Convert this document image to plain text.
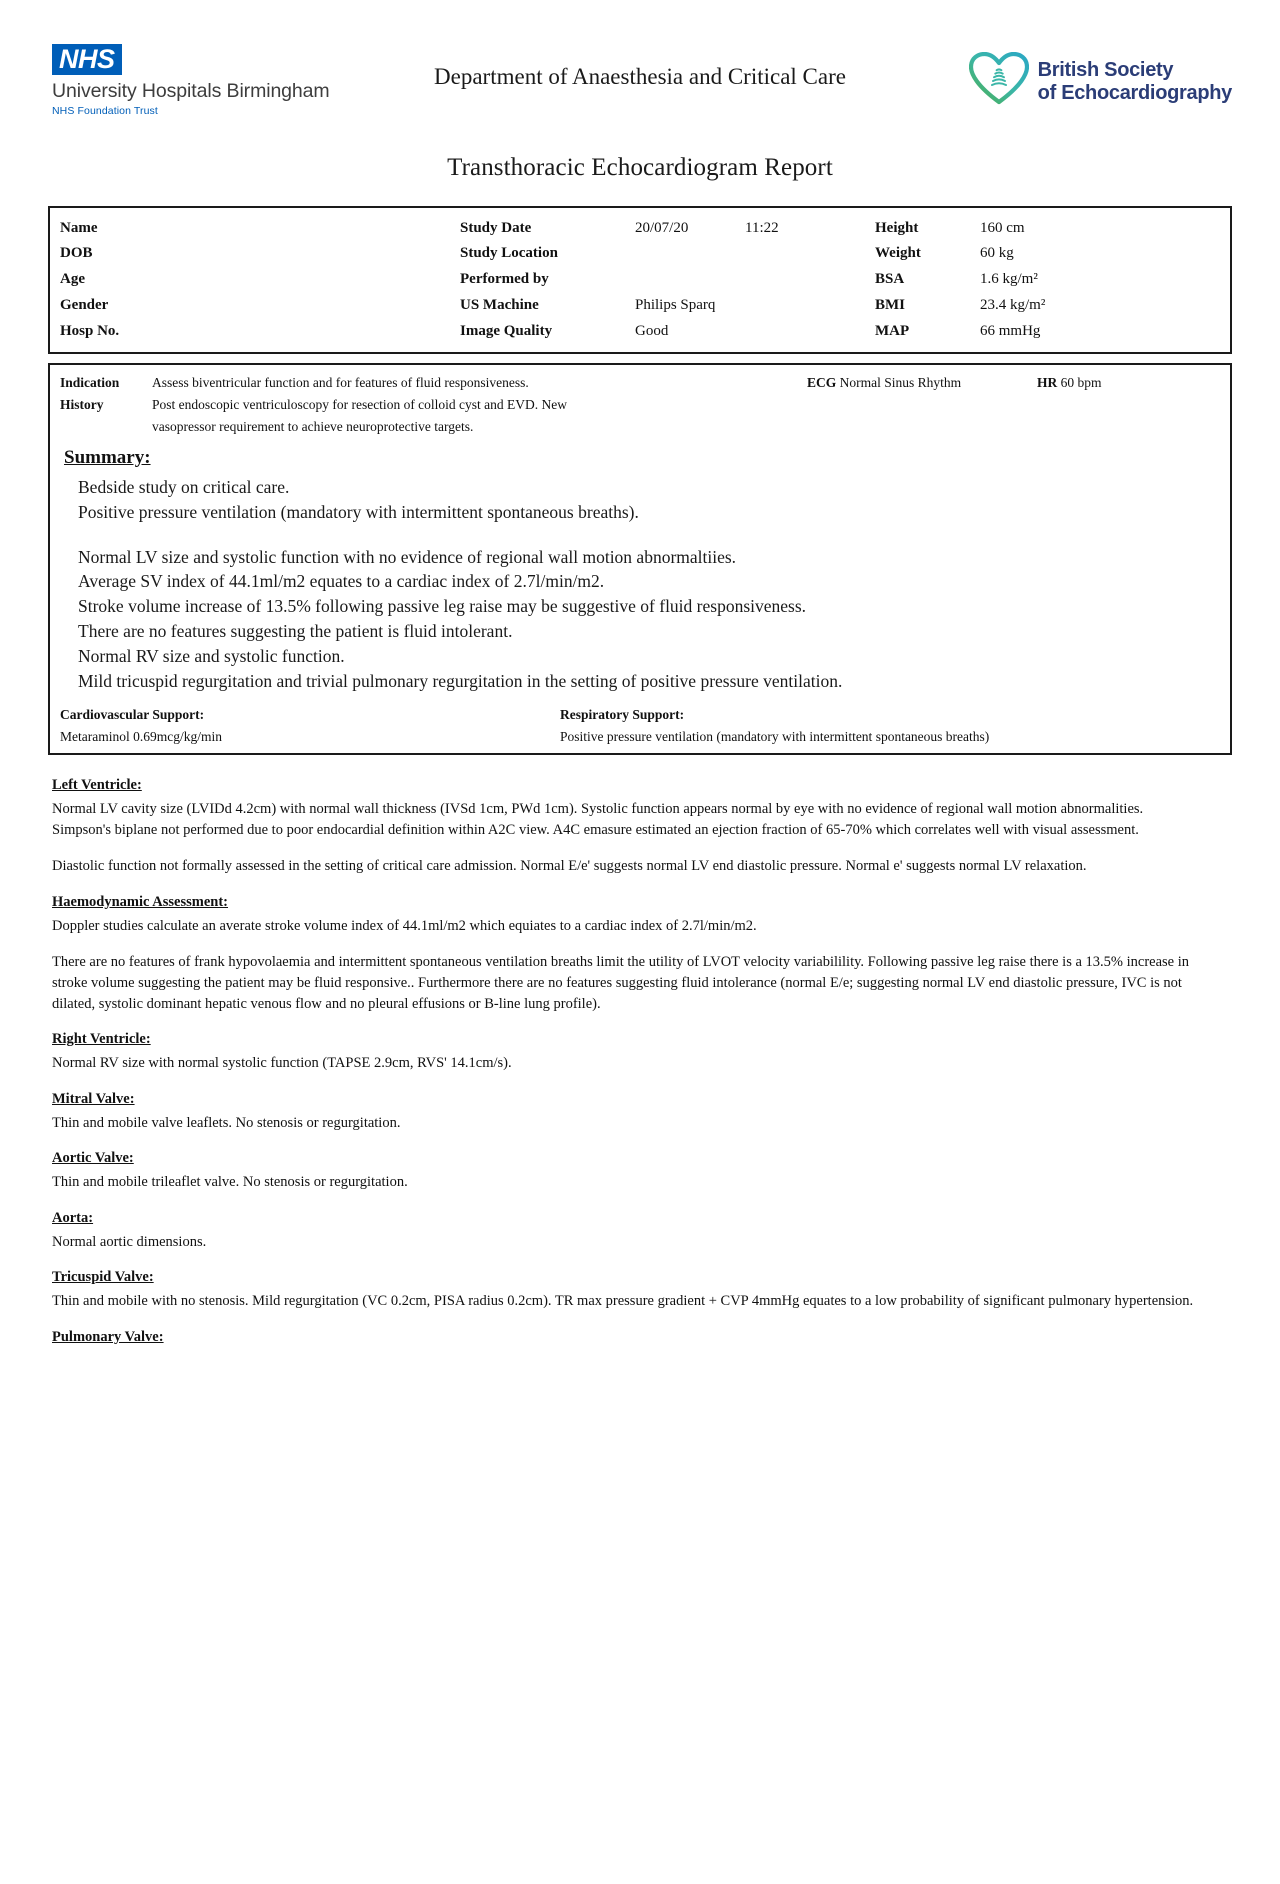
NHS
University Hospitals Birmingham
NHS Foundation Trust
Department of Anaesthesia and Critical Care	British Society
of Echocardiography
Transthoracic Echocardiogram Report
Name		Study Date	20/07/20	11:22	Height	160 cm
DOB		Study Location			Weight	60 kg
Age		Performed by			BSA	1.6 kg/m²
Gender		US Machine	Philips Sparq		BMI	23.4 kg/m²
Hosp No.		Image Quality	Good		MAP	66 mmHg
Indication	Assess biventricular function and for features of fluid responsiveness.	ECG Normal Sinus Rhythm	HR 60 bpm
History	Post endoscopic ventriculoscopy for resection of colloid cyst and EVD. New		
	vasopressor requirement to achieve neuroprotective targets.		
Summary:
Bedside study on critical care.
Positive pressure ventilation (mandatory with intermittent spontaneous breaths).
Normal LV size and systolic function with no evidence of regional wall motion abnormaltiies.
Average SV index of 44.1ml/m2 equates to a cardiac index of 2.7l/min/m2.
Stroke volume increase of 13.5% following passive leg raise may be suggestive of fluid responsiveness.
There are no features suggesting the patient is fluid intolerant.
Normal RV size and systolic function.
Mild tricuspid regurgitation and trivial pulmonary regurgitation in the setting of positive pressure ventilation.
Cardiovascular Support:	Respiratory Support:
Metaraminol 0.69mcg/kg/min	Positive pressure ventilation (mandatory with intermittent spontaneous breaths)
Left Ventricle:

Normal LV cavity size (LVIDd 4.2cm) with normal wall thickness (IVSd 1cm, PWd 1cm). Systolic function appears normal by eye with no evidence of regional wall motion abnormalities. Simpson's biplane not performed due to poor endocardial definition within A2C view. A4C emasure estimated an ejection fraction of 65-70% which correlates well with visual assessment.

Diastolic function not formally assessed in the setting of critical care admission. Normal E/e' suggests normal LV end diastolic pressure. Normal e' suggests normal LV relaxation.

Haemodynamic Assessment:

Doppler studies calculate an averate stroke volume index of 44.1ml/m2 which equiates to a cardiac index of 2.7l/min/m2.

There are no features of frank hypovolaemia and intermittent spontaneous ventilation breaths limit the utility of LVOT velocity variabilility. Following passive leg raise there is a 13.5% increase in stroke volume suggesting the patient may be fluid responsive.. Furthermore there are no features suggesting fluid intolerance (normal E/e; suggesting normal LV end diastolic pressure, IVC is not dilated, systolic dominant hepatic venous flow and no pleural effusions or B-line lung profile).

Right Ventricle:

Normal RV size with normal systolic function (TAPSE 2.9cm, RVS' 14.1cm/s).

Mitral Valve:

Thin and mobile valve leaflets. No stenosis or regurgitation.

Aortic Valve:

Thin and mobile trileaflet valve. No stenosis or regurgitation.

Aorta:

Normal aortic dimensions.

Tricuspid Valve:

Thin and mobile with no stenosis. Mild regurgitation (VC 0.2cm, PISA radius 0.2cm). TR max pressure gradient + CVP 4mmHg equates to a low probability of significant pulmonary hypertension.

Pulmonary Valve:
